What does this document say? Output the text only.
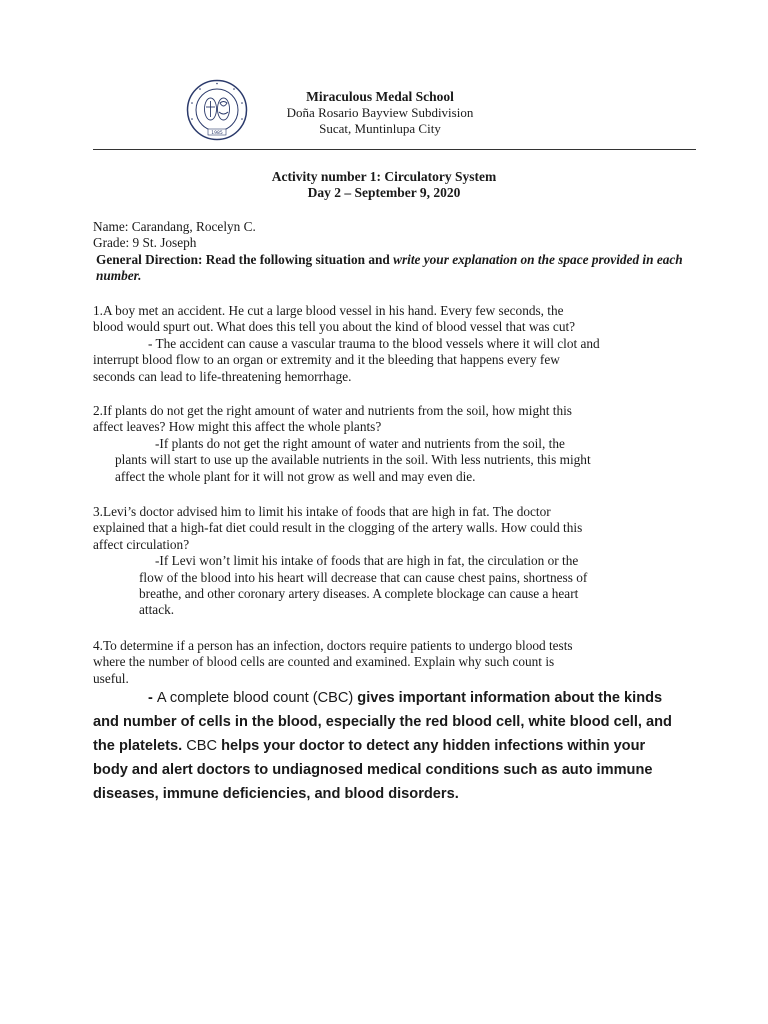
1985
Miraculous Medal School
Doña Rosario Bayview Subdivision
Sucat, Muntinlupa City
Activity number 1: Circulatory System
Day 2 – September 9, 2020
Name: Carandang, Rocelyn C.
Grade: 9 St. Joseph
General Direction: Read the following situation and write your explanation on the space provided in each number.
1.A boy met an accident. He cut a large blood vessel in his hand. Every few seconds, the
blood would spurt out. What does this tell you about the kind of blood vessel that was cut?
- The accident can cause a vascular trauma to the blood vessels where it will clot and
interrupt blood flow to an organ or extremity and it the bleeding that happens every few
seconds can lead to life-threatening hemorrhage.
2.If plants do not get the right amount of water and nutrients from the soil, how might this
affect leaves? How might this affect the whole plants?
-If plants do not get the right amount of water and nutrients from the soil, the
plants will start to use up the available nutrients in the soil. With less nutrients, this might
affect the whole plant for it will not grow as well and may even die.
3.Levi’s doctor advised him to limit his intake of foods that are high in fat. The doctor
explained that a high-fat diet could result in the clogging of the artery walls. How could this
affect circulation?
-If Levi won’t limit his intake of foods that are high in fat, the circulation or the
flow of the blood into his heart will decrease that can cause chest pains, shortness of
breathe, and other coronary artery diseases. A complete blockage can cause a heart
attack.
4.To determine if a person has an infection, doctors require patients to undergo blood tests
where the number of blood cells are counted and examined. Explain why such count is
useful.
- A complete blood count (CBC) gives important information about the kinds and number of cells in the blood, especially the red blood cell, white blood cell, and the platelets. CBC helps your doctor to detect any hidden infections within your body and alert doctors to undiagnosed medical conditions such as auto immune diseases, immune deficiencies, and blood disorders.
